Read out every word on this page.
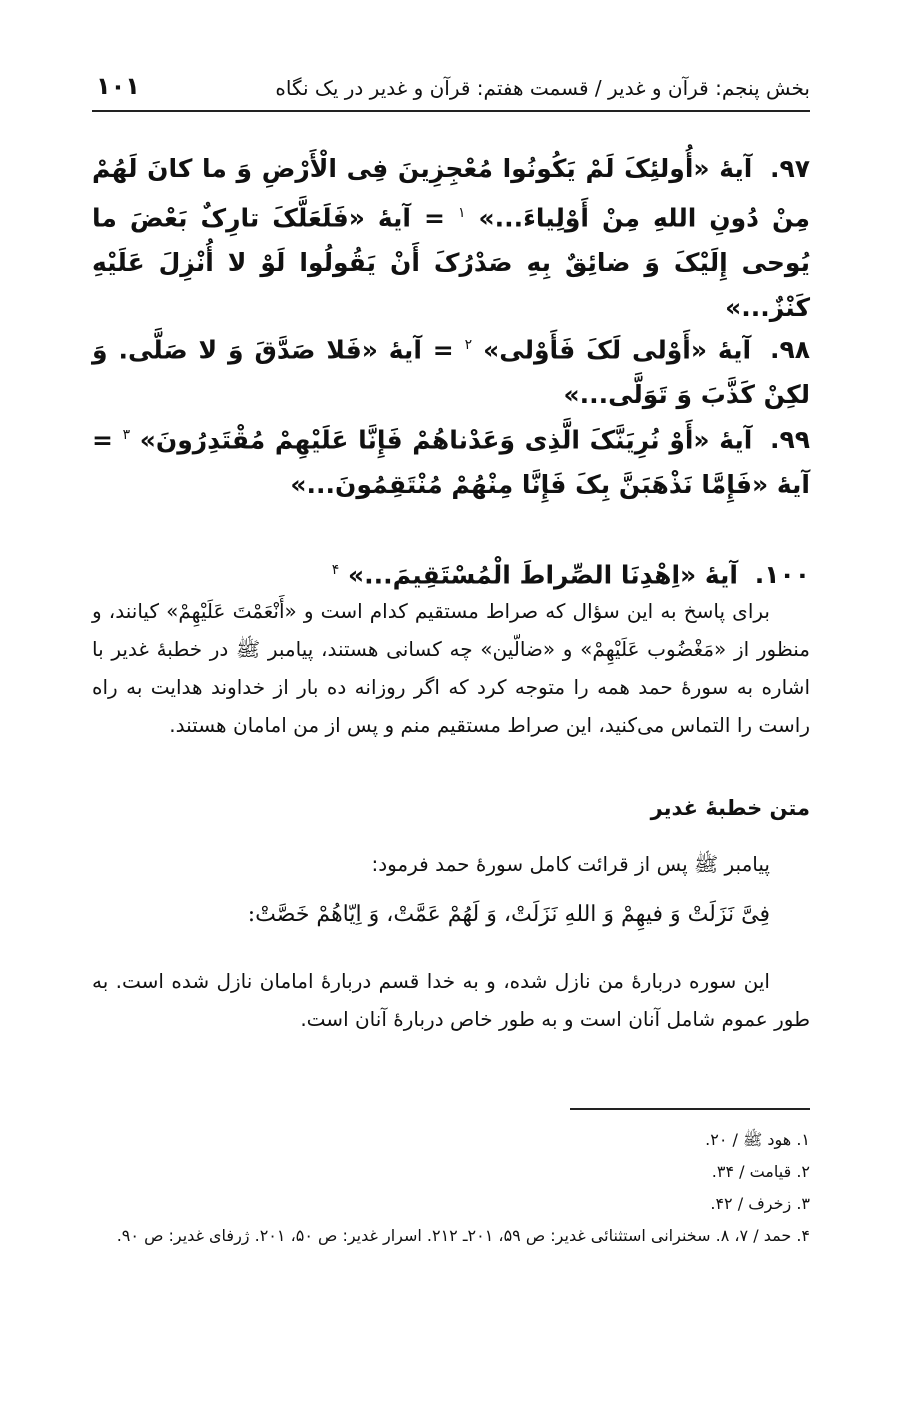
بخش پنجم: قرآن و غدیر / قسمت هفتم: قرآن و غدیر در یک نگاه
۱۰۱

۹۷. آیۀ «أُولئِکَ لَمْ یَکُونُوا مُعْجِزِینَ فِی الْأَرْضِ وَ ما کانَ لَهُمْ مِنْ دُونِ اللهِ مِنْ أَوْلِیاءَ...» $^۱$ = آیۀ «فَلَعَلَّکَ تارِکٌ بَعْضَ ما یُوحی إِلَیْکَ وَ ضائِقٌ بِهِ صَدْرُکَ أَنْ یَقُولُوا لَوْ لا أُنْزِلَ عَلَیْهِ کَنْزٌ...»

۹۸. آیۀ «أَوْلی لَکَ فَأَوْلی» $^۲$ = آیۀ «فَلا صَدَّقَ وَ لا صَلَّی. وَ لکِنْ کَذَّبَ وَ تَوَلَّی...»

۹۹. آیۀ «أَوْ نُرِیَنَّکَ الَّذِی وَعَدْناهُمْ فَإِنَّا عَلَیْهِمْ مُقْتَدِرُونَ» $^۳$ = آیۀ «فَإِمَّا نَذْهَبَنَّ بِکَ فَإِنَّا مِنْهُمْ مُنْتَقِمُونَ...»

۱۰۰. آیۀ «اِهْدِنَا الصِّراطَ الْمُسْتَقِیمَ...» $^۴$

برای پاسخ به این سؤال که صراط مستقیم کدام است و «أَنْعَمْتَ عَلَیْهِمْ» کیانند، و منظور از «مَغْضُوب عَلَیْهِمْ» و «ضالّین» چه کسانی هستند، پیامبر ﷺ در خطبۀ غدیر با اشاره به سورۀ حمد همه را متوجه کرد که اگر روزانه ده بار از خداوند هدایت به راه راست را التماس می‌کنید، این صراط مستقیم منم و پس از من امامان هستند.

متن خطبۀ غدیر

پیامبر ﷺ پس از قرائت کامل سورۀ حمد فرمود:

فِیَّ نَزَلَتْ وَ فیهِمْ وَ اللهِ نَزَلَتْ، وَ لَهُمْ عَمَّتْ، وَ اِیّاهُمْ خَصَّتْ:

این سوره دربارۀ من نازل شده، و به خدا قسم دربارۀ امامان نازل شده است. به طور عموم شامل آنان است و به طور خاص دربارۀ آنان است.

۱. هود ﷺ / ۲۰.

۲. قیامت / ۳۴.

۳. زخرف / ۴۲.

۴. حمد / ۷، ۸. سخنرانی استثنائی غدیر: ص ۵۹، ۲۰۱ـ ۲۱۲. اسرار غدیر: ص ۵۰، ۲۰۱. ژرفای غدیر: ص ۹۰.
